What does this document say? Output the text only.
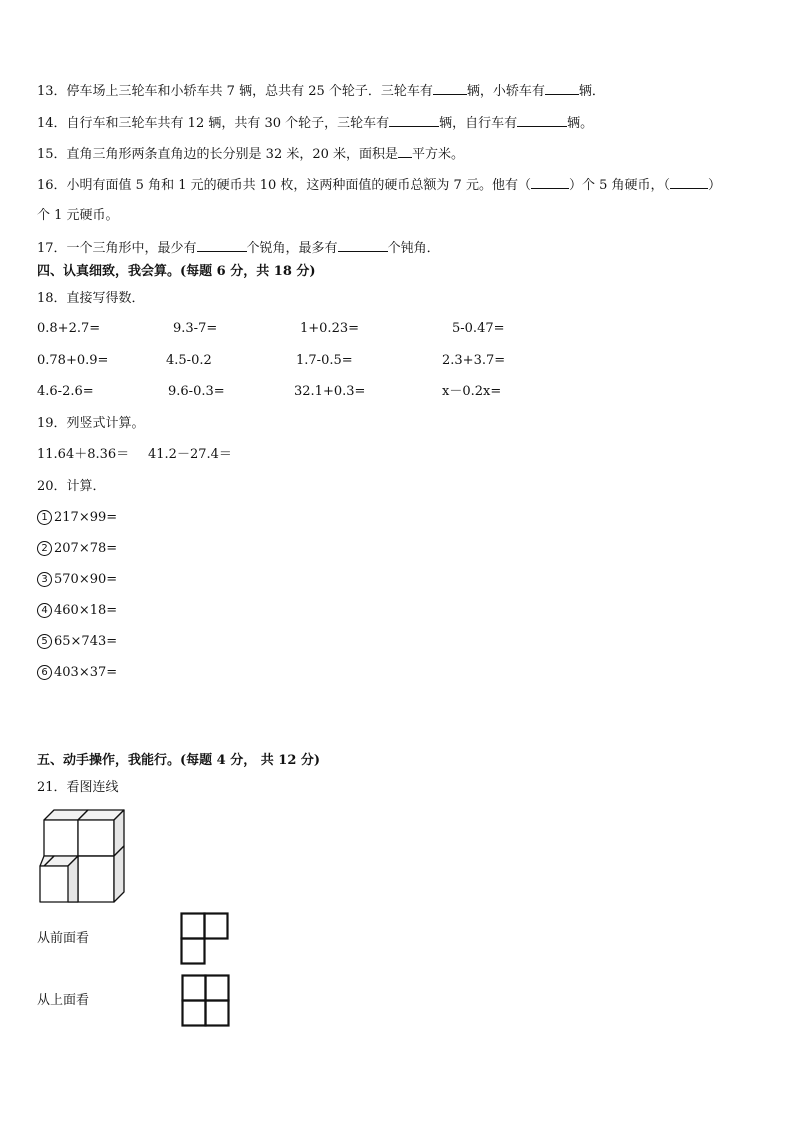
13．停车场上三轮车和小轿车共 7 辆，总共有 25 个轮子．三轮车有	辆，小轿车有	辆．
14．自行车和三轮车共有 12 辆，共有 30 个轮子，三轮车有	辆，自行车有	辆。
15．直角三角形两条直角边的长分别是 32 米，20 米，面积是 平方米。
16．小明有面值 5 角和 1 元的硬币共 10 枚，这两种面值的硬币总额为 7 元。他有（	）个 5 角硬币，（	）
个 1 元硬币。
17．一个三角形中，最少有	个锐角，最多有	个钝角．
四、认真细致，我会算。(每题 6 分，共 18 分)
18．直接写得数．
0.8+2.7=	9.3-7=	1+0.23=	5-0.47=
0.78+0.9=	4.5-0.2	1.7-0.5=	2.3+3.7=
4.6-2.6=	9.6-0.3=	32.1+0.3=	x－0.2x=
19．列竖式计算。
11.64＋8.36＝ 41.2－27.4＝
20．计算．
1 217×99=
2 207×78=
3 570×90=
4 460×18=
5 65×743=
6 403×37=
五、动手操作，我能行。(每题 4 分， 共 12 分)
21．看图连线
从前面看
从上面看
